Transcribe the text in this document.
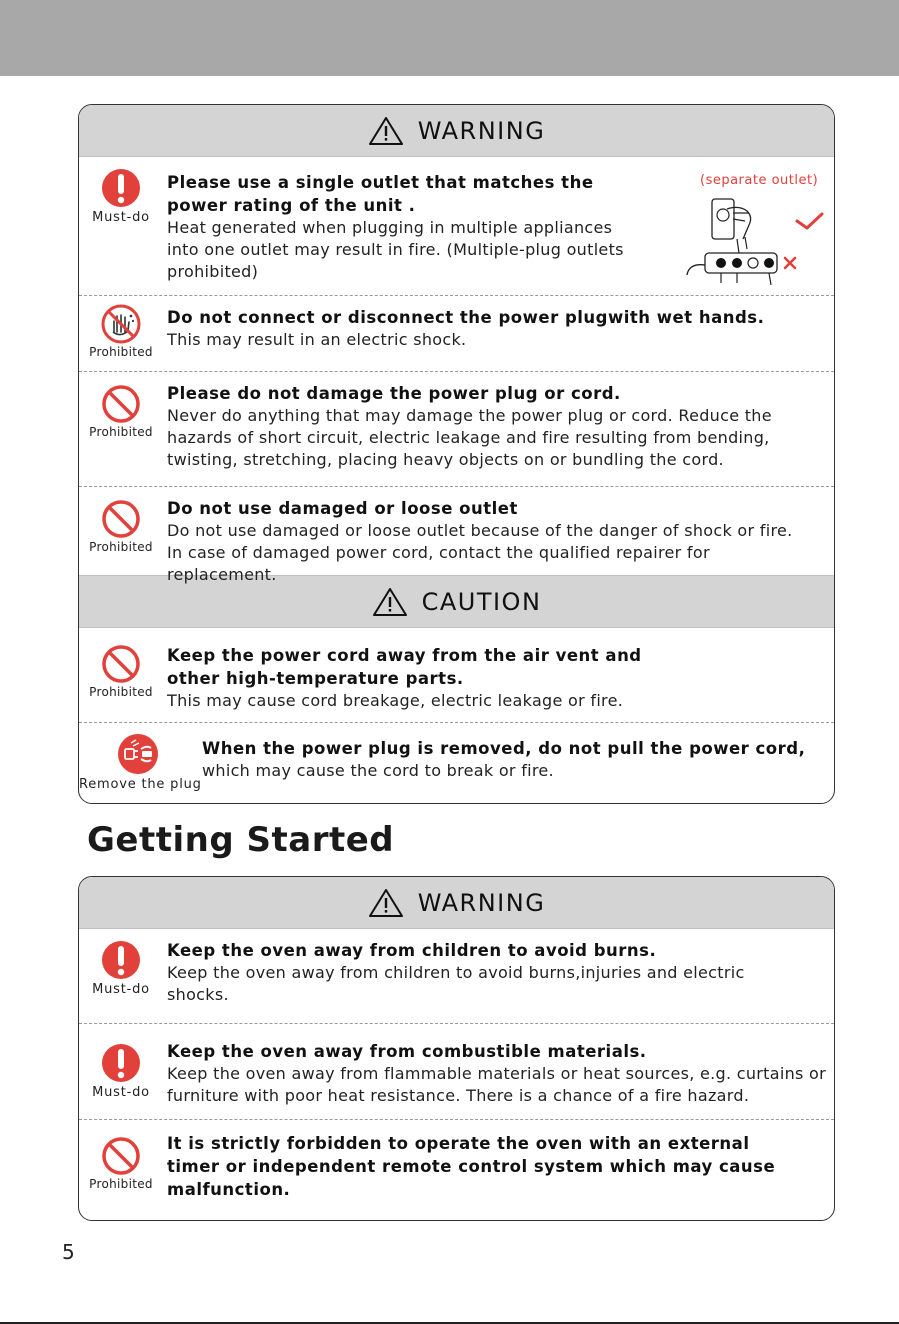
WARNING
Must-do
Please use a single outlet that matches the power rating of the unit .
Heat generated when plugging in multiple appliances into one outlet may result in fire. (Multiple-plug outlets prohibited)
(separate outlet)
Prohibited
Do not connect or disconnect the power plugwith wet hands.
This may result in an electric shock.
Prohibited
Please do not damage the power plug or cord.
Never do anything that may damage the power plug or cord. Reduce the hazards of short circuit, electric leakage and fire resulting from bending, twisting, stretching, placing heavy objects on or bundling the cord.
Prohibited
Do not use damaged or loose outlet
Do not use damaged or loose outlet because of the danger of shock or fire.
In case of damaged power cord, contact the qualified repairer for replacement.
CAUTION
Prohibited
Keep the power cord away from the air vent and other high-temperature parts.
This may cause cord breakage, electric leakage or fire.
Remove the plug
When the power plug is removed, do not pull the power cord,
which may cause the cord to break or fire.
Getting Started
WARNING
Must-do
Keep the oven away from children to avoid burns.
Keep the oven away from children to avoid burns,injuries and electric shocks.
Must-do
Keep the oven away from combustible materials.
Keep the oven away from flammable materials or heat sources, e.g. curtains or furniture with poor heat resistance. There is a chance of a fire hazard.
Prohibited
It is strictly forbidden to operate the oven with an external timer or independent remote control system which may cause malfunction.
5
